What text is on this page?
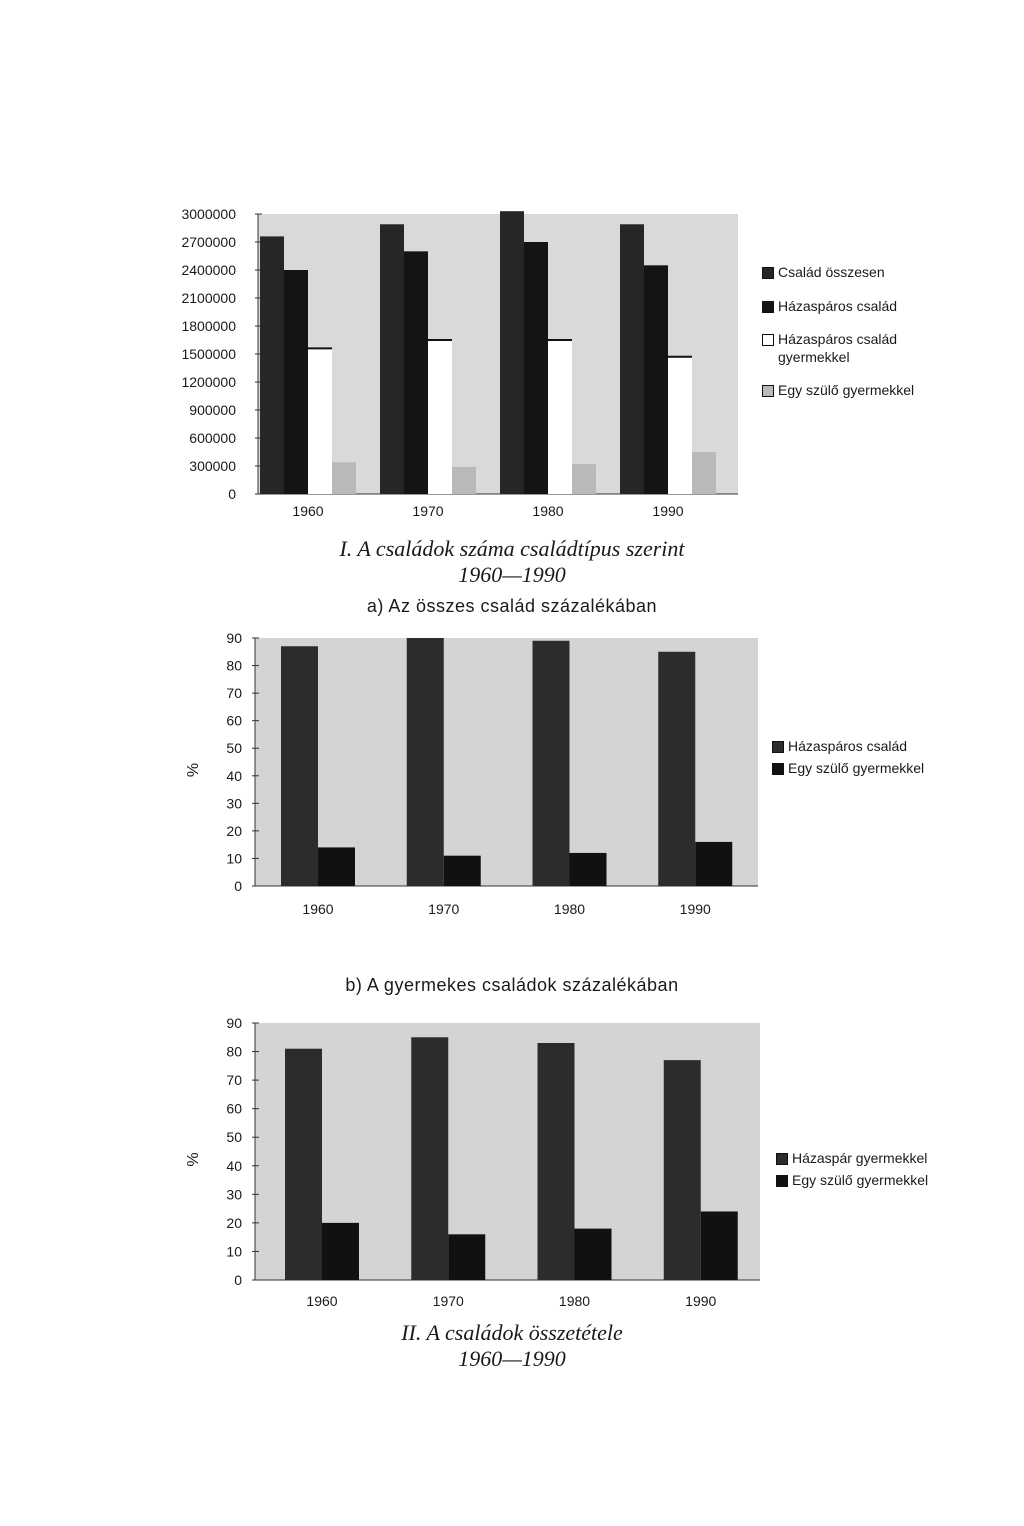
3000000
2700000
2400000
2100000
1800000
1500000
1200000
900000
600000
300000
0
1960	1970	1980	1990
Család összesen
Házaspáros család
Házaspáros család gyermekkel
Egy szülő gyermekkel
I. A családok száma családtípus szerint
1960—1990
a) Az összes család százalékában
90
80
70
60
50
40
30
20
10
0
%
1960	1970	1980	1990
Házaspáros család
Egy szülő gyermekkel
b) A gyermekes családok százalékában
90
80
70
60
50
40
30
20
10
0
%
1960	1970	1980	1990
Házaspár gyermekkel
Egy szülő gyermekkel
II. A családok összetétele
1960—1990
